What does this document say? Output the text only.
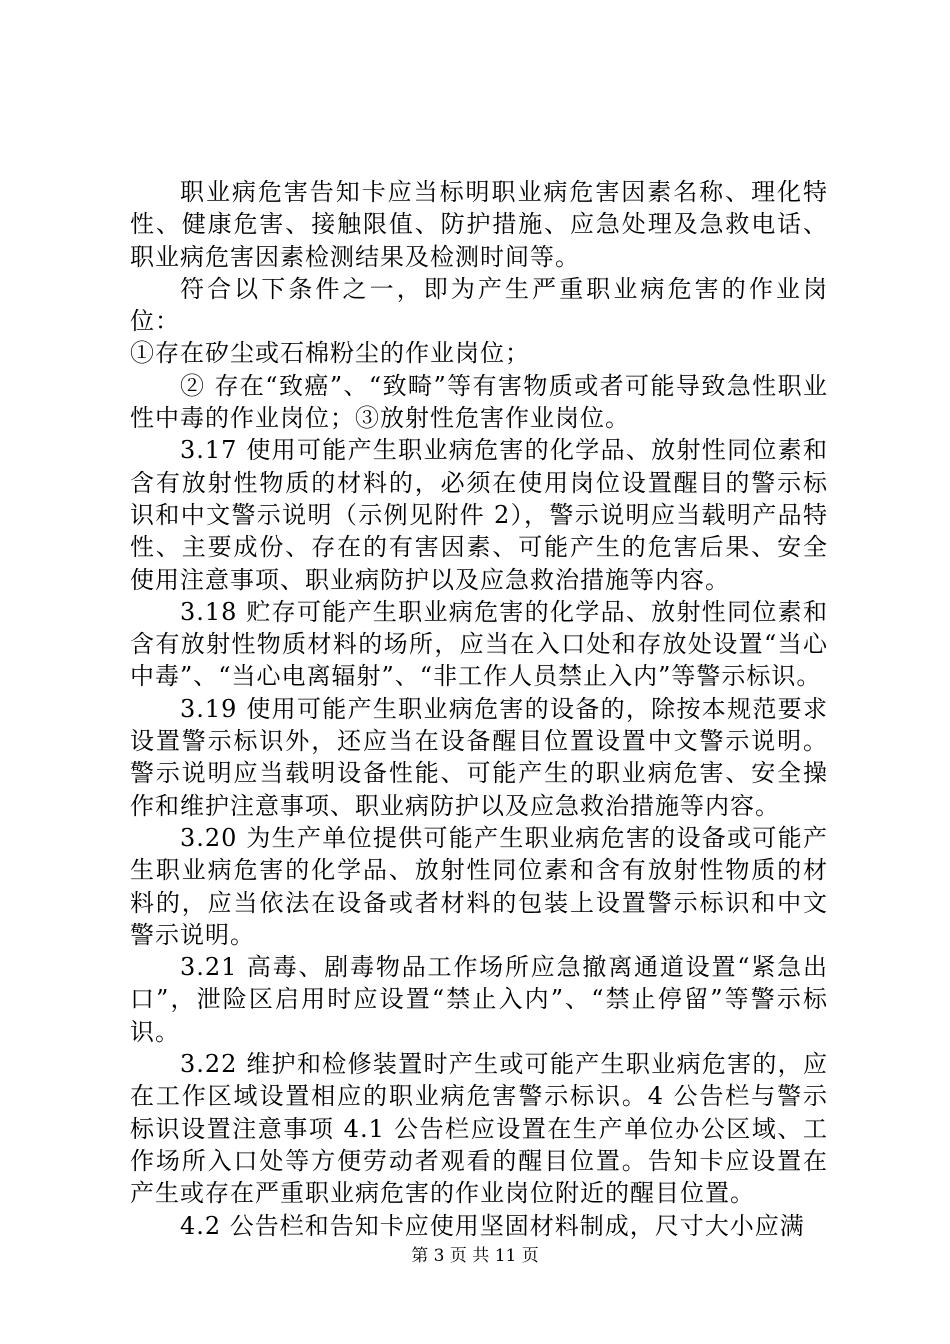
职业病危害告知卡应当标明职业病危害因素名称、理化特性、健康危害、接触限值、防护措施、应急处理及急救电话、职业病危害因素检测结果及检测时间等。

符合以下条件之一，即为产生严重职业病危害的作业岗位：

①存在矽尘或石棉粉尘的作业岗位；

② 存在“致癌”、“致畸”等有害物质或者可能导致急性职业性中毒的作业岗位；③放射性危害作业岗位。

3.17 使用可能产生职业病危害的化学品、放射性同位素和含有放射性物质的材料的，必须在使用岗位设置醒目的警示标识和中文警示说明（示例见附件 2），警示说明应当载明产品特性、主要成份、存在的有害因素、可能产生的危害后果、安全使用注意事项、职业病防护以及应急救治措施等内容。

3.18 贮存可能产生职业病危害的化学品、放射性同位素和含有放射性物质材料的场所，应当在入口处和存放处设置“当心中毒”、“当心电离辐射”、“非工作人员禁止入内”等警示标识。

3.19 使用可能产生职业病危害的设备的，除按本规范要求设置警示标识外，还应当在设备醒目位置设置中文警示说明。警示说明应当载明设备性能、可能产生的职业病危害、安全操作和维护注意事项、职业病防护以及应急救治措施等内容。

3.20 为生产单位提供可能产生职业病危害的设备或可能产生职业病危害的化学品、放射性同位素和含有放射性物质的材料的，应当依法在设备或者材料的包装上设置警示标识和中文警示说明。

3.21 高毒、剧毒物品工作场所应急撤离通道设置“紧急出口”，泄险区启用时应设置“禁止入内”、“禁止停留”等警示标识。

3.22 维护和检修装置时产生或可能产生职业病危害的，应在工作区域设置相应的职业病危害警示标识。4 公告栏与警示标识设置注意事项 4.1 公告栏应设置在生产单位办公区域、工作场所入口处等方便劳动者观看的醒目位置。告知卡应设置在产生或存在严重职业病危害的作业岗位附近的醒目位置。

4.2 公告栏和告知卡应使用坚固材料制成，尺寸大小应满

第 3 页 共 11 页
